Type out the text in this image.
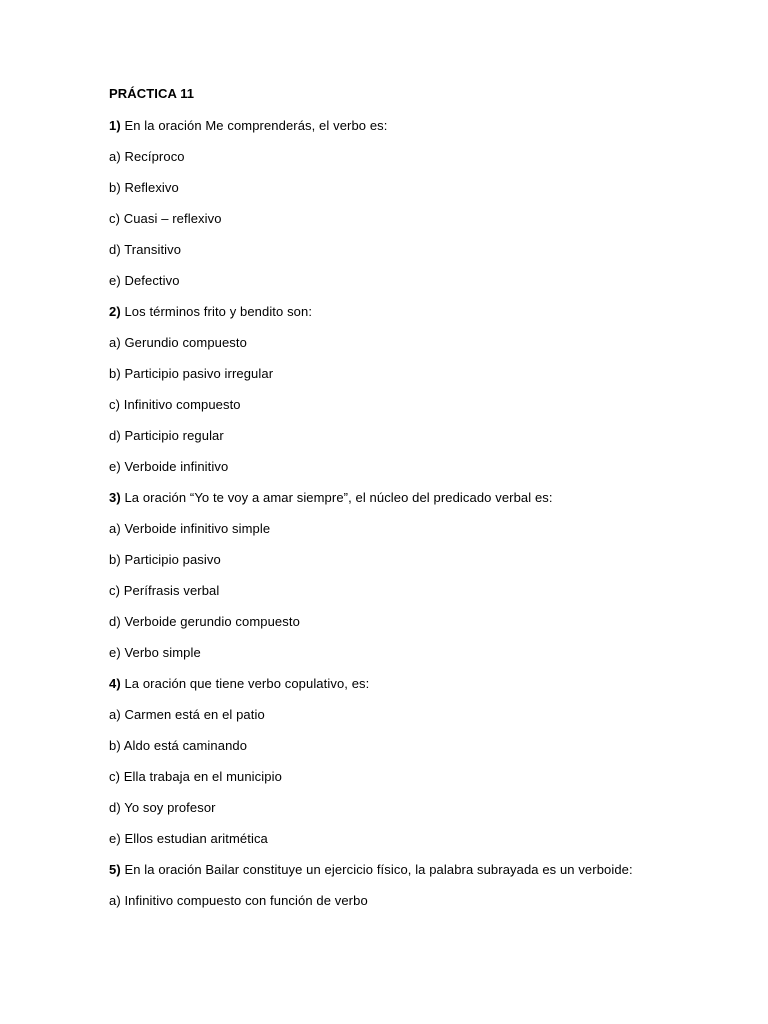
PRÁCTICA 11
1) En la oración Me comprenderás, el verbo es:
a) Recíproco
b) Reflexivo
c) Cuasi – reflexivo
d) Transitivo
e) Defectivo
2) Los términos frito y bendito son:
a) Gerundio compuesto
b) Participio pasivo irregular
c) Infinitivo compuesto
d) Participio regular
e) Verboide infinitivo
3) La oración “Yo te voy a amar siempre”, el núcleo del predicado verbal es:
a) Verboide infinitivo simple
b) Participio pasivo
c) Perífrasis verbal
d) Verboide gerundio compuesto
e) Verbo simple
4) La oración que tiene verbo copulativo, es:
a) Carmen está en el patio
b) Aldo está caminando
c) Ella trabaja en el municipio
d) Yo soy profesor
e) Ellos estudian aritmética
5) En la oración Bailar constituye un ejercicio físico, la palabra subrayada es un verboide:
a) Infinitivo compuesto con función de verbo
